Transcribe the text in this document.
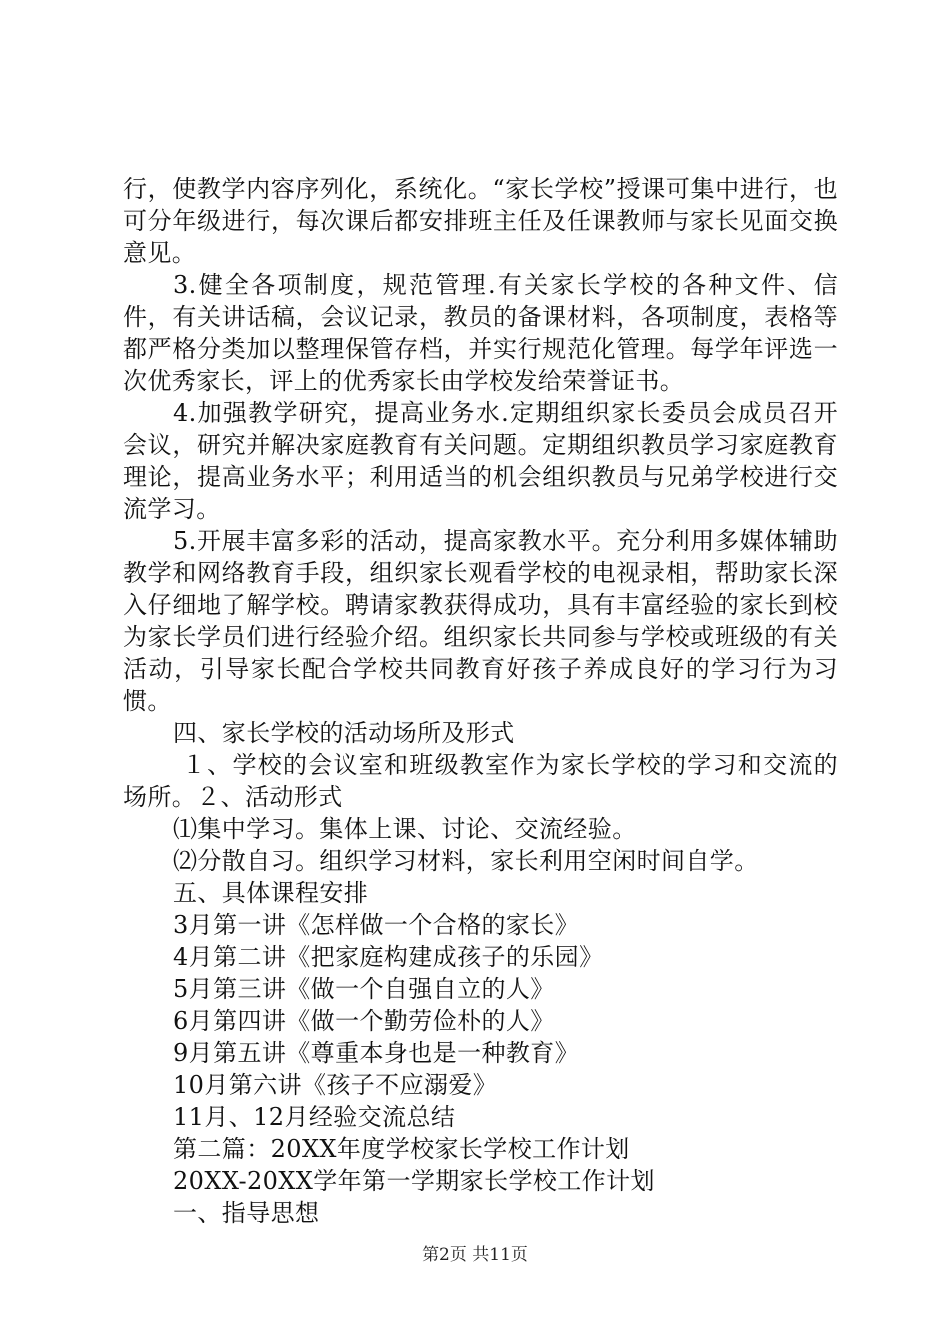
行，使教学内容序列化，系统化。“家长学校”授课可集中进行，也可分年级进行，每次课后都安排班主任及任课教师与家长见面交换意见。

3.健全各项制度，规范管理.有关家长学校的各种文件、信件，有关讲话稿，会议记录，教员的备课材料，各项制度，表格等都严格分类加以整理保管存档，并实行规范化管理。每学年评选一次优秀家长，评上的优秀家长由学校发给荣誉证书。

4.加强教学研究，提高业务水.定期组织家长委员会成员召开会议，研究并解决家庭教育有关问题。定期组织教员学习家庭教育理论，提高业务水平；利用适当的机会组织教员与兄弟学校进行交流学习。

5.开展丰富多彩的活动，提高家教水平。充分利用多媒体辅助教学和网络教育手段，组织家长观看学校的电视录相，帮助家长深入仔细地了解学校。聘请家教获得成功，具有丰富经验的家长到校为家长学员们进行经验介绍。组织家长共同参与学校或班级的有关活动，引导家长配合学校共同教育好孩子养成良好的学习行为习惯。

四、家长学校的活动场所及形式

１、学校的会议室和班级教室作为家长学校的学习和交流的场所。２、活动形式

⑴集中学习。集体上课、讨论、交流经验。

⑵分散自习。组织学习材料，家长利用空闲时间自学。

五、具体课程安排

3月第一讲《怎样做一个合格的家长》

4月第二讲《把家庭构建成孩子的乐园》

5月第三讲《做一个自强自立的人》

6月第四讲《做一个勤劳俭朴的人》

9月第五讲《尊重本身也是一种教育》

10月第六讲《孩子不应溺爱》

11月、12月经验交流总结

第二篇：20XX年度学校家长学校工作计划

20XX-20XX学年第一学期家长学校工作计划

一、指导思想

第2页 共11页
